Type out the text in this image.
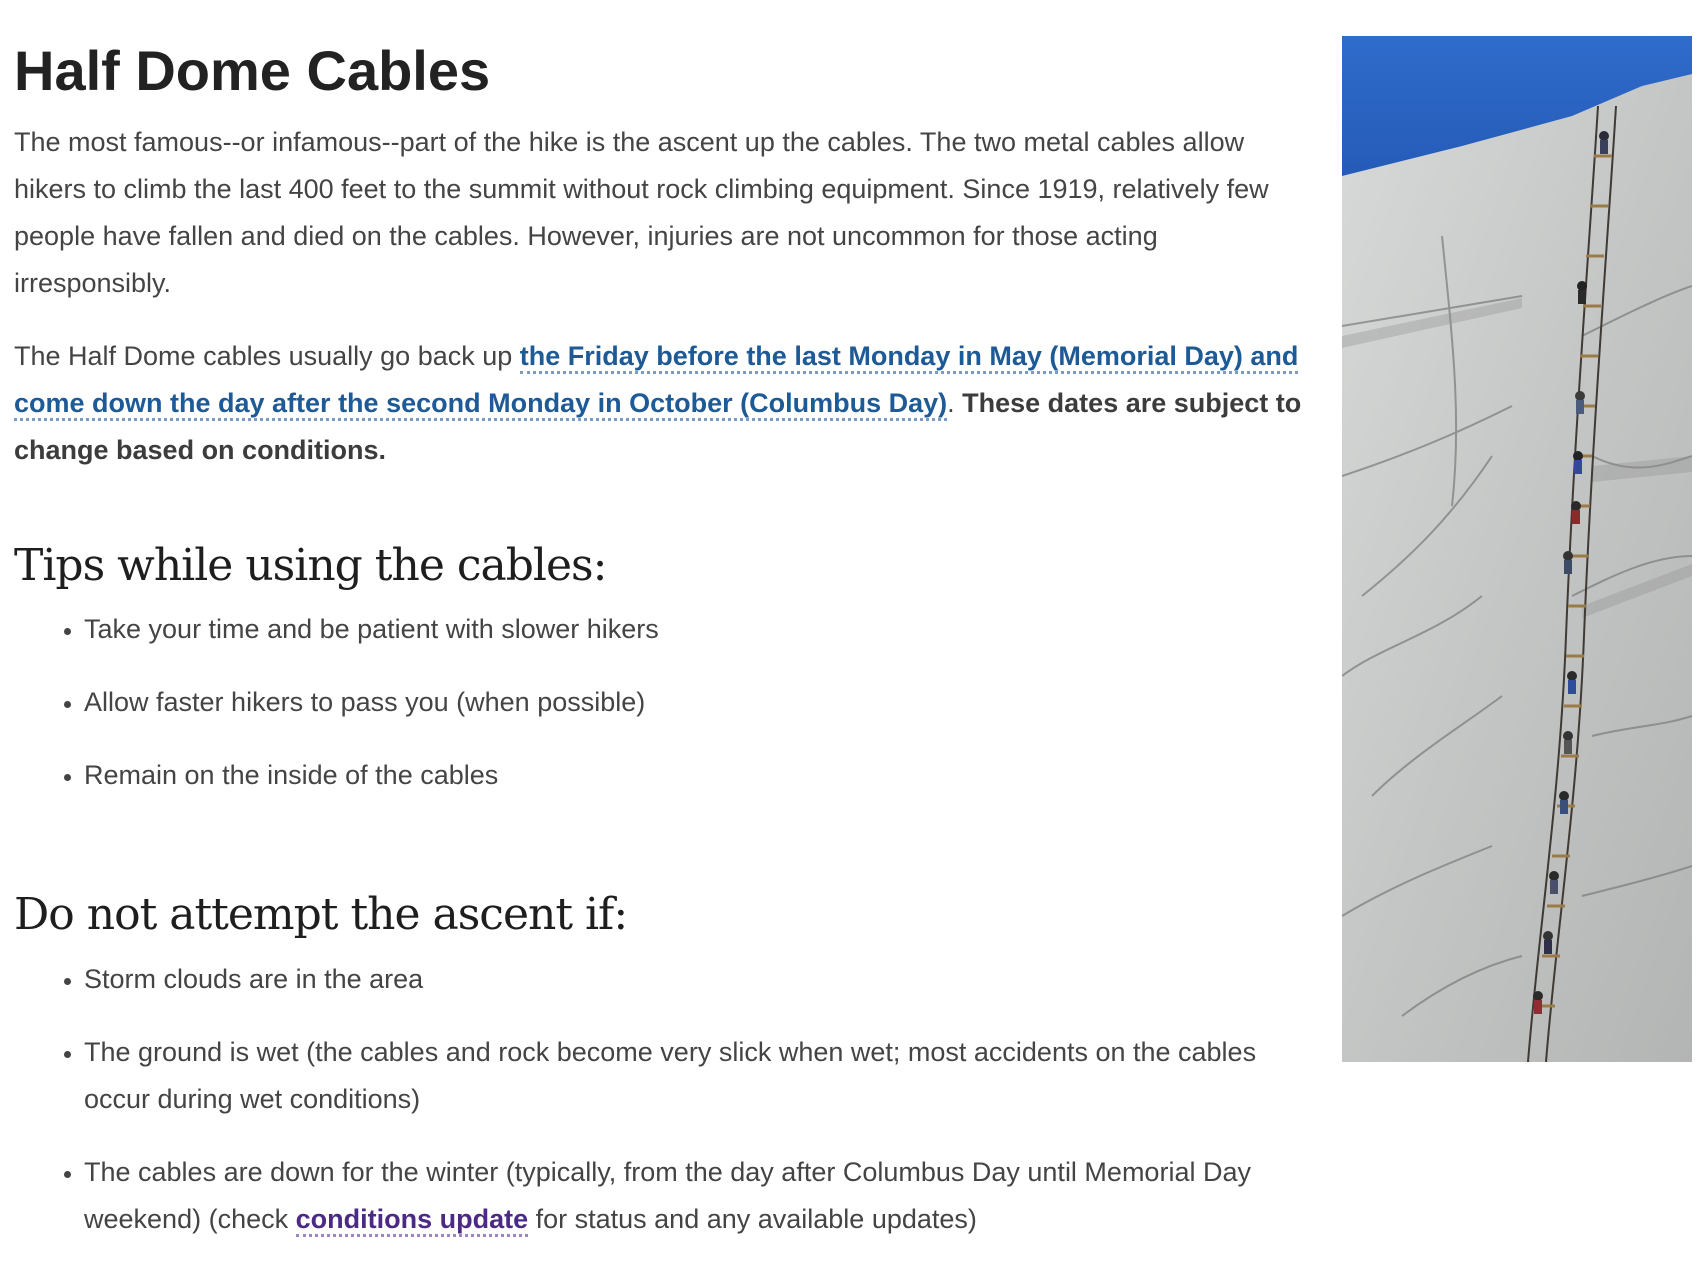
Half Dome Cables

The most famous--or infamous--part of the hike is the ascent up the cables. The two metal cables allow hikers to climb the last 400 feet to the summit without rock climbing equipment. Since 1919, relatively few people have fallen and died on the cables. However, injuries are not uncommon for those acting irresponsibly.

The Half Dome cables usually go back up the Friday before the last Monday in May (Memorial Day) and come down the day after the second Monday in October (Columbus Day). These dates are subject to change based on conditions.

Tips while using the cables:
• Take your time and be patient with slower hikers
• Allow faster hikers to pass you (when possible)
• Remain on the inside of the cables
Do not attempt the ascent if:
• Storm clouds are in the area
• The ground is wet (the cables and rock become very slick when wet; most accidents on the cables occur during wet conditions)
• The cables are down for the winter (typically, from the day after Columbus Day until Memorial Day weekend) (check conditions update for status and any available updates)
